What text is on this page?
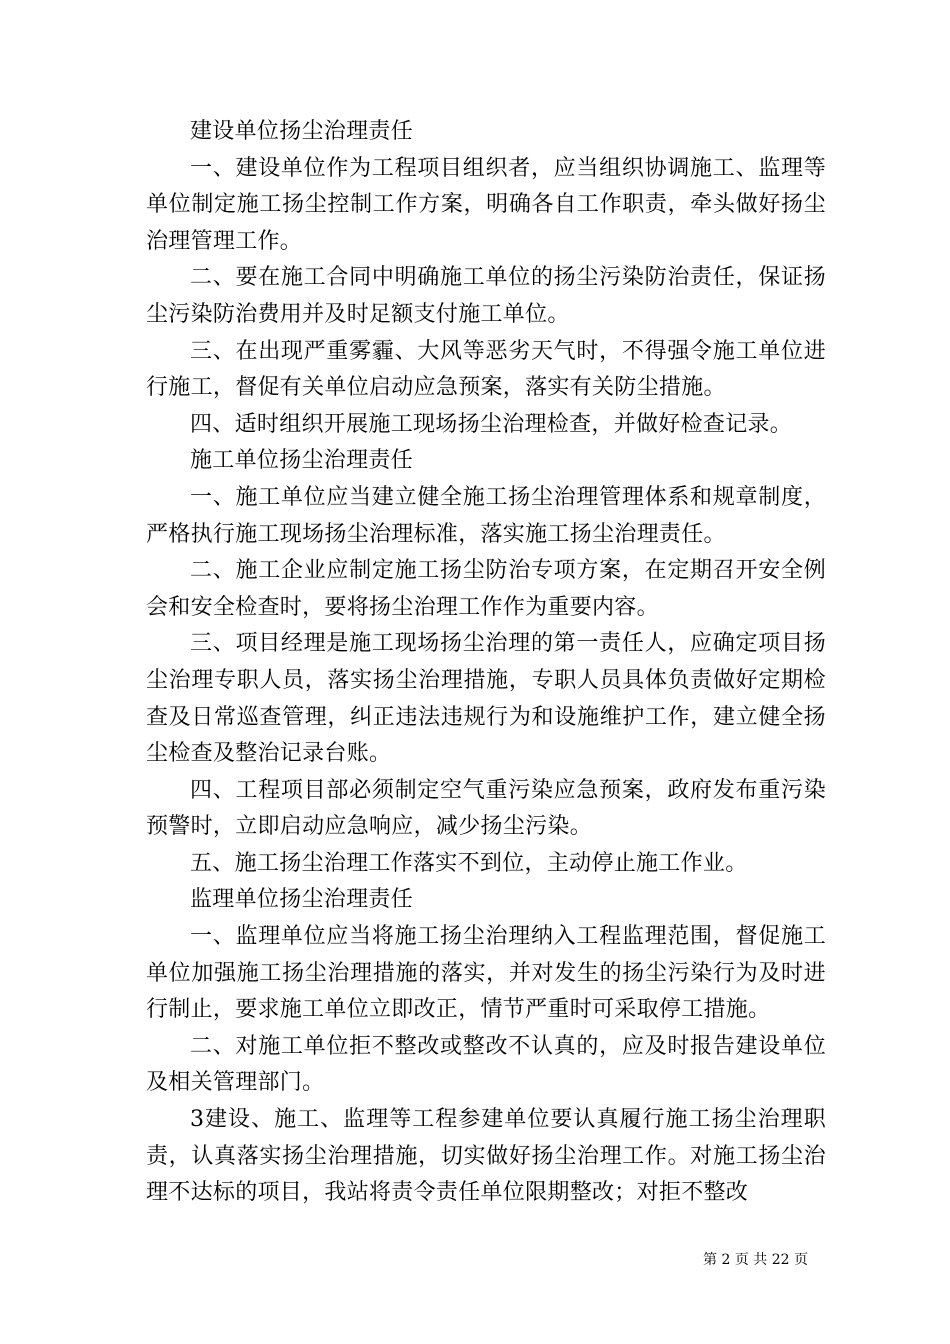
建设单位扬尘治理责任

一、建设单位作为工程项目组织者，应当组织协调施工、监理等单位制定施工扬尘控制工作方案，明确各自工作职责，牵头做好扬尘治理管理工作。

二、要在施工合同中明确施工单位的扬尘污染防治责任，保证扬尘污染防治费用并及时足额支付施工单位。

三、在出现严重雾霾、大风等恶劣天气时，不得强令施工单位进行施工，督促有关单位启动应急预案，落实有关防尘措施。

四、适时组织开展施工现场扬尘治理检查，并做好检查记录。

施工单位扬尘治理责任

一、施工单位应当建立健全施工扬尘治理管理体系和规章制度，严格执行施工现场扬尘治理标准，落实施工扬尘治理责任。

二、施工企业应制定施工扬尘防治专项方案，在定期召开安全例会和安全检查时，要将扬尘治理工作作为重要内容。

三、项目经理是施工现场扬尘治理的第一责任人，应确定项目扬尘治理专职人员，落实扬尘治理措施，专职人员具体负责做好定期检查及日常巡查管理，纠正违法违规行为和设施维护工作，建立健全扬尘检查及整治记录台账。

四、工程项目部必须制定空气重污染应急预案，政府发布重污染预警时，立即启动应急响应，减少扬尘污染。

五、施工扬尘治理工作落实不到位，主动停止施工作业。

监理单位扬尘治理责任

一、监理单位应当将施工扬尘治理纳入工程监理范围，督促施工单位加强施工扬尘治理措施的落实，并对发生的扬尘污染行为及时进行制止，要求施工单位立即改正，情节严重时可采取停工措施。

二、对施工单位拒不整改或整改不认真的，应及时报告建设单位及相关管理部门。

3建设、施工、监理等工程参建单位要认真履行施工扬尘治理职责，认真落实扬尘治理措施，切实做好扬尘治理工作。对施工扬尘治理不达标的项目，我站将责令责任单位限期整改；对拒不整改

第 2 页 共 22 页
